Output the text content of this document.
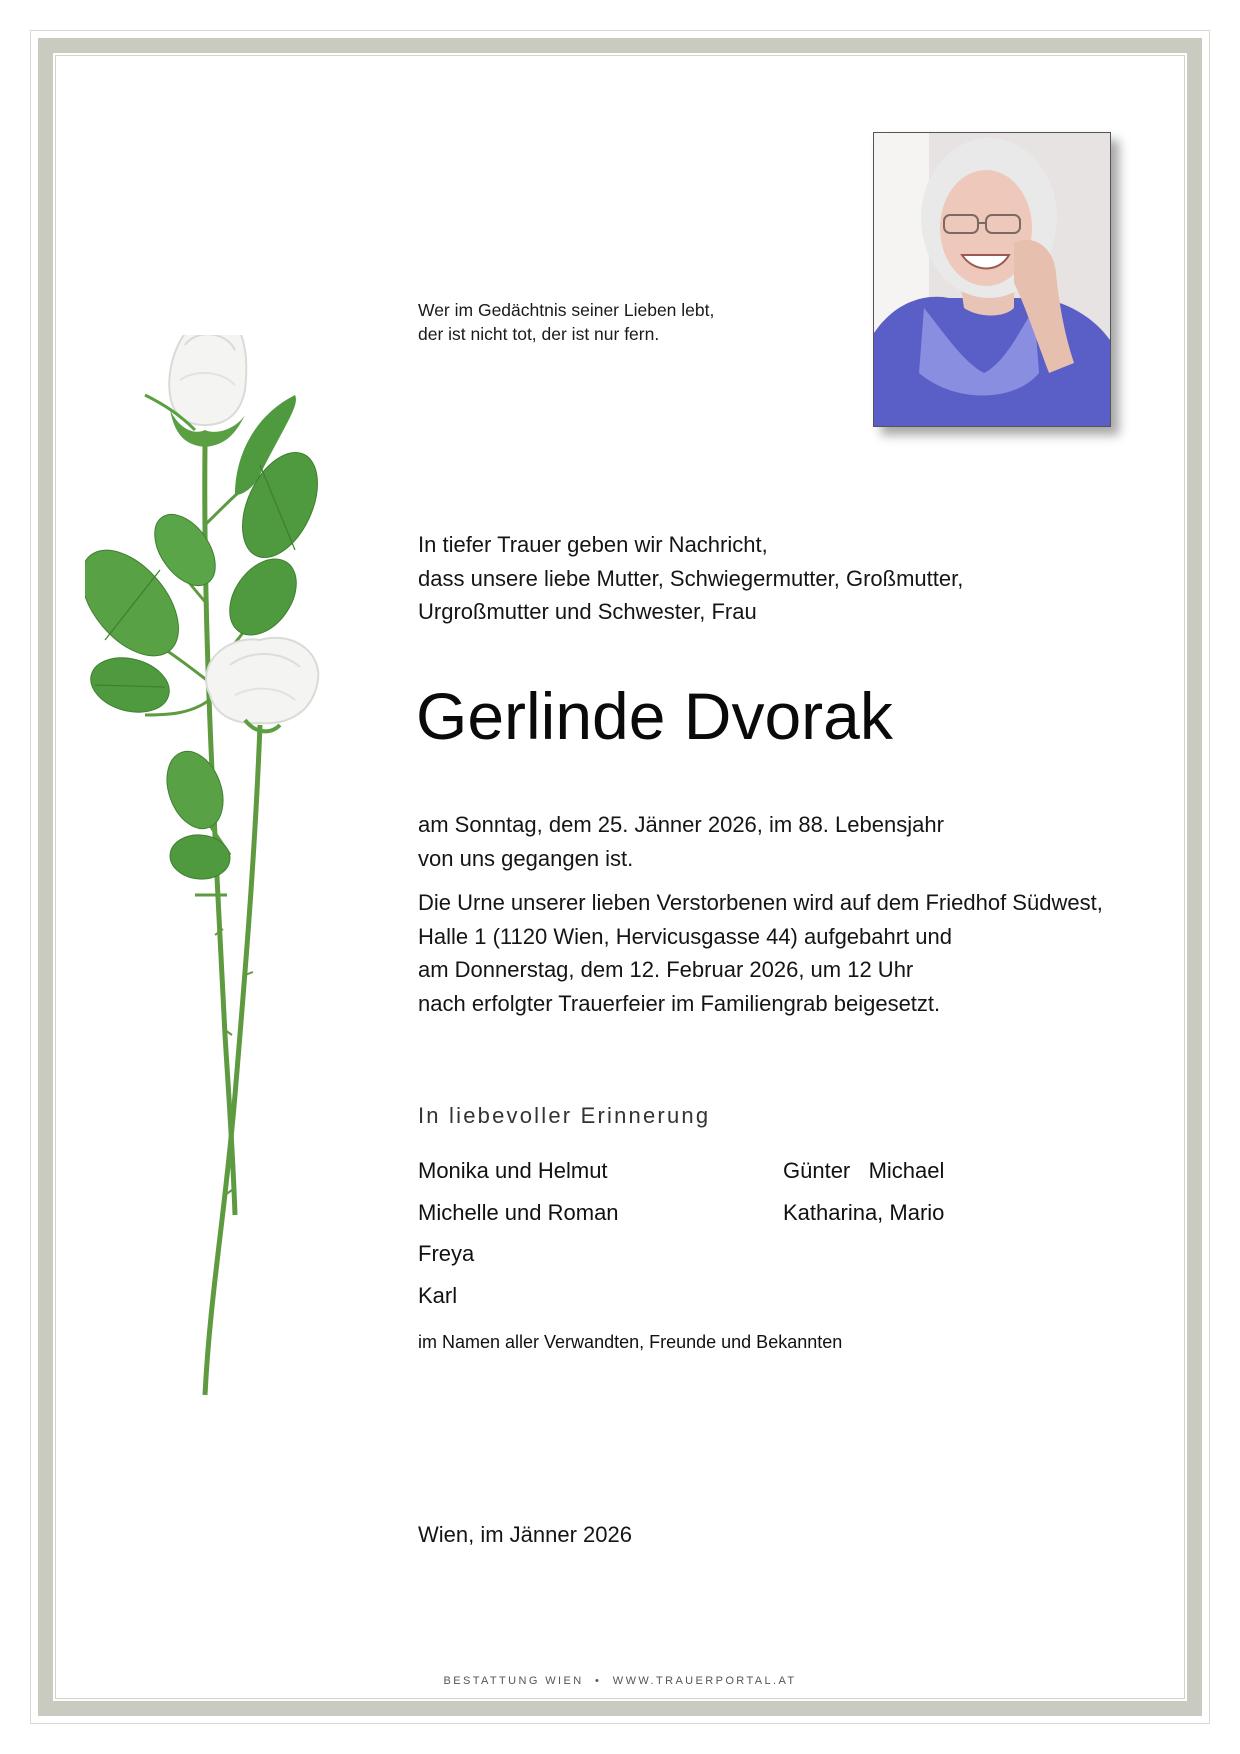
Wer im Gedächtnis seiner Lieben lebt,
der ist nicht tot, der ist nur fern.
In tiefer Trauer geben wir Nachricht,
dass unsere liebe Mutter, Schwiegermutter, Großmutter,
Urgroßmutter und Schwester, Frau
Gerlinde Dvorak
am Sonntag, dem 25. Jänner 2026, im 88. Lebensjahr
von uns gegangen ist.
Die Urne unserer lieben Verstorbenen wird auf dem Friedhof Südwest,
Halle 1 (1120 Wien, Hervicusgasse 44) aufgebahrt und
am Donnerstag, dem 12. Februar 2026, um 12 Uhr
nach erfolgter Trauerfeier im Familiengrab beigesetzt.
In liebevoller Erinnerung
Monika und Helmut
Michelle und Roman
Freya
Karl
Günter   Michael
Katharina, Mario
im Namen aller Verwandten, Freunde und Bekannten
Wien, im Jänner 2026
BESTATTUNG WIEN • WWW.TRAUERPORTAL.AT
